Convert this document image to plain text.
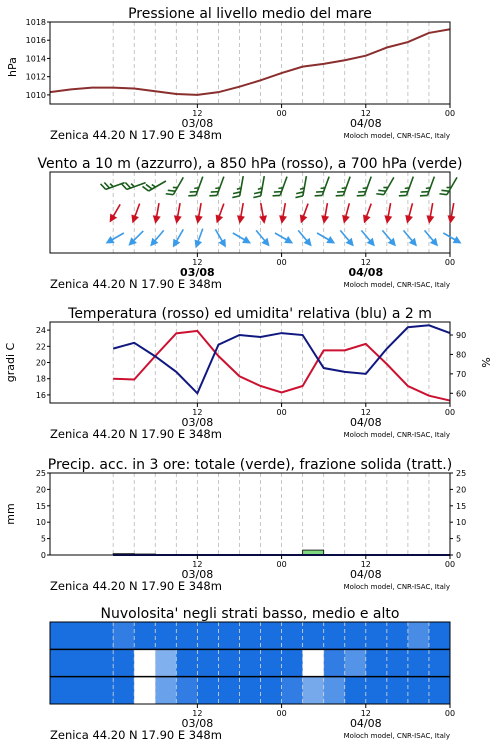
Pressione al livello medio del mare
1010
1012
1014
1016
1018
12	00	12	00
hPa
03/08	04/08
Zenica 44.20 N 17.90 E 348m	Moloch model, CNR-ISAC, Italy
Vento a 10 m (azzurro), a 850 hPa (rosso), a 700 hPa (verde)
12	00	12	00
03/08	04/08
Zenica 44.20 N 17.90 E 348m	Moloch model, CNR-ISAC, Italy
Temperatura (rosso) ed umidita' relativa (blu) a 2 m
16
18
20
22
24
60
70
80
90
12	00	12	00
gradi C	%
03/08	04/08
Zenica 44.20 N 17.90 E 348m	Moloch model, CNR-ISAC, Italy
Precip. acc. in 3 ore: totale (verde), frazione solida (tratt.)
0
5
10
15
20
25
0
5
10
15
20
25
12	00	12	00
mm
03/08	04/08
Zenica 44.20 N 17.90 E 348m	Moloch model, CNR-ISAC, Italy
Nuvolosita' negli strati basso, medio e alto
12	00	12	00
03/08	04/08
Zenica 44.20 N 17.90 E 348m	Moloch model, CNR-ISAC, Italy
